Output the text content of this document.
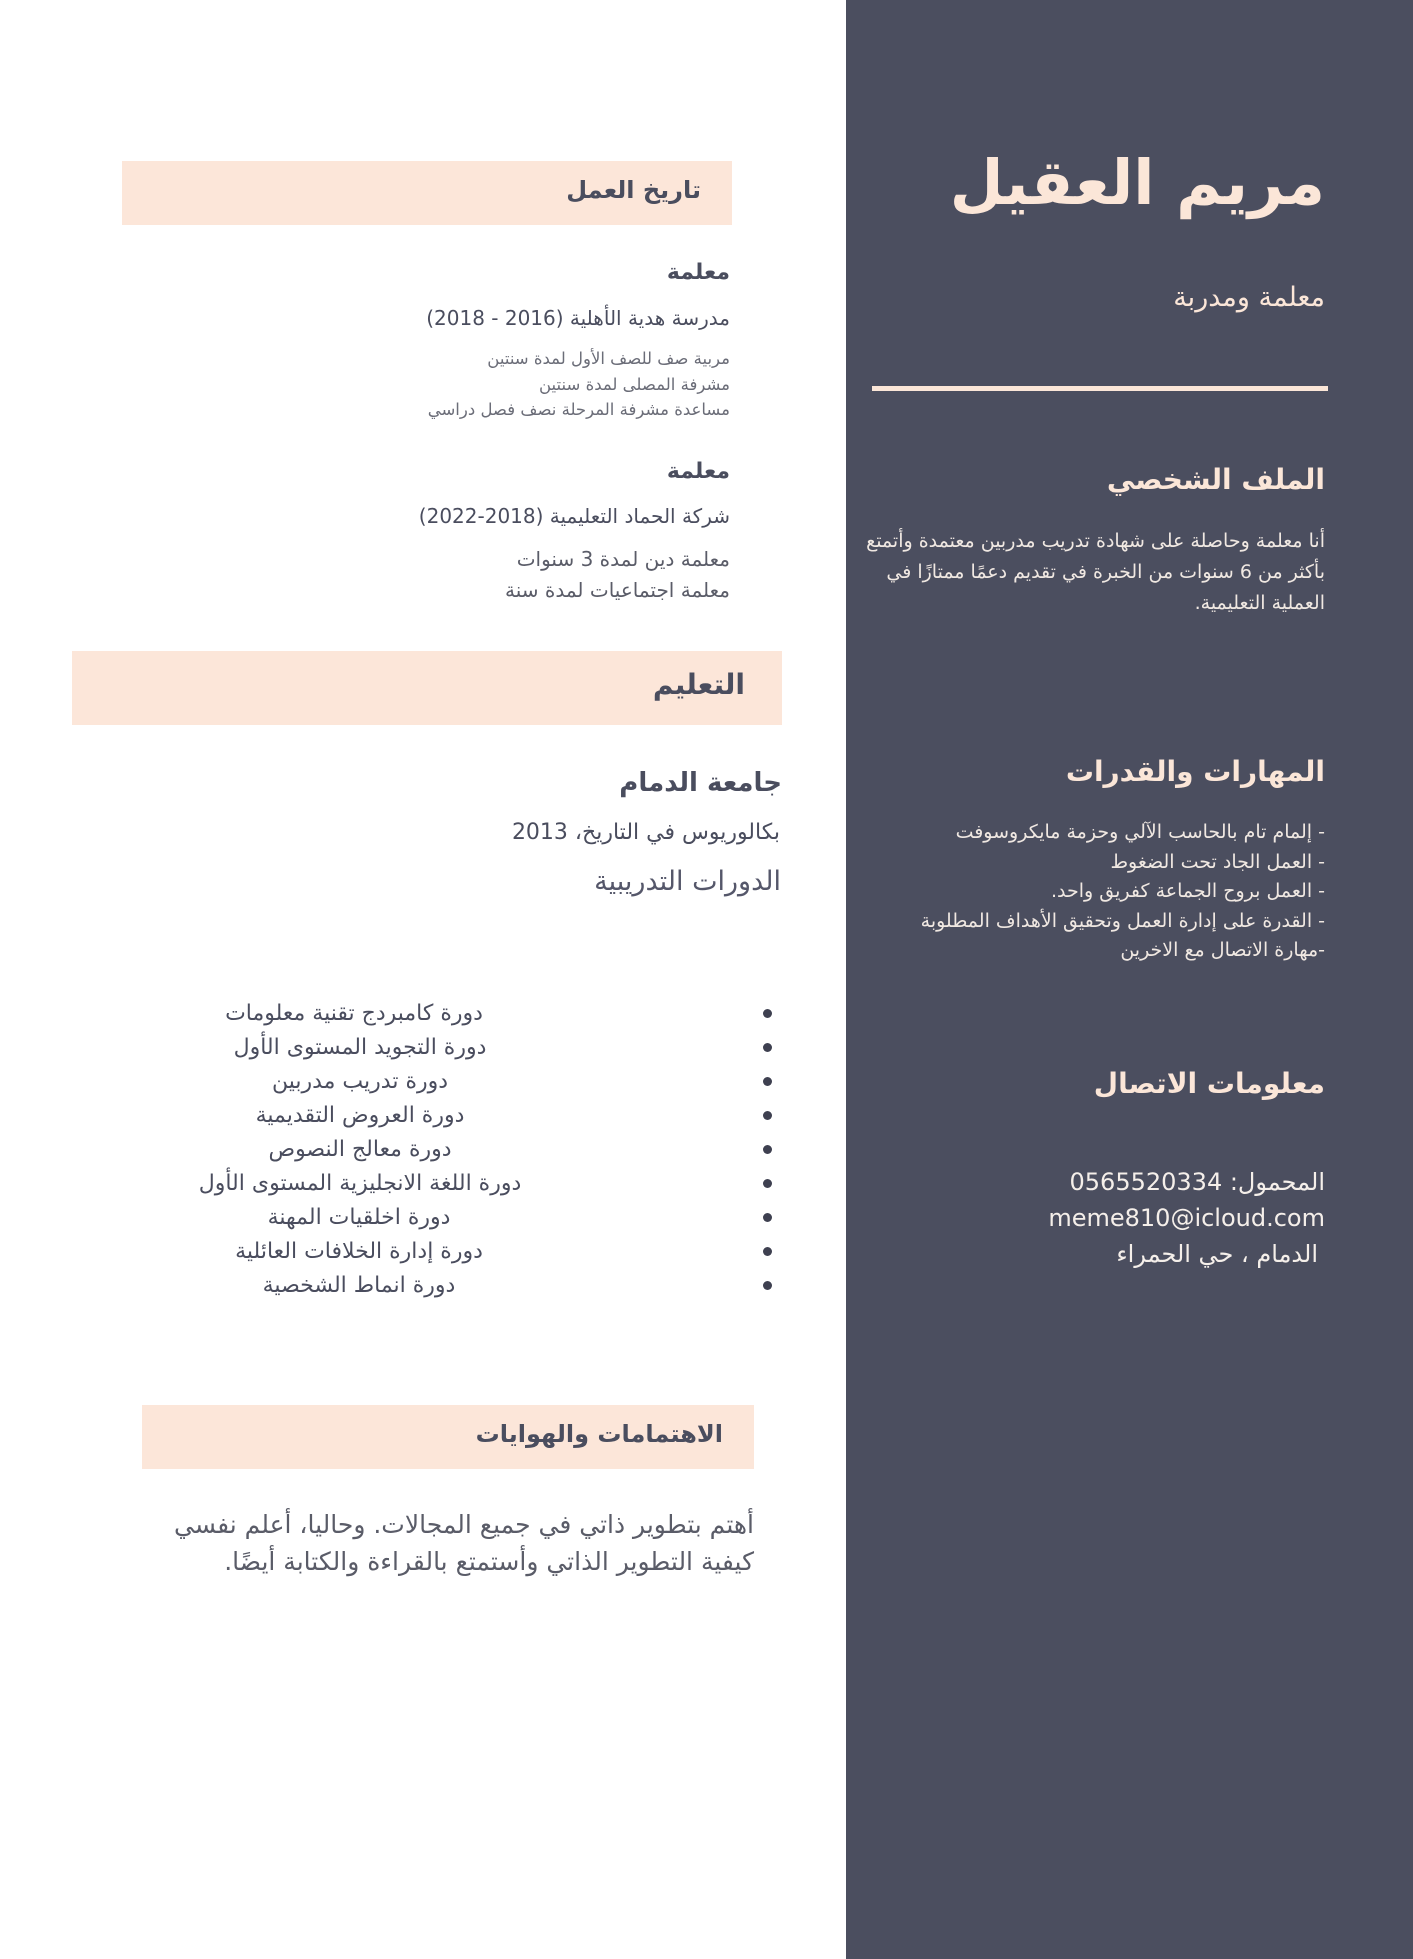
مريم العقيل
معلمة ومدربة
الملف الشخصي
أنا معلمة وحاصلة على شهادة تدريب مدربين معتمدة وأتمتع بأكثر من 6 سنوات من الخبرة في تقديم دعمًا ممتازًا في العملية التعليمية.
المهارات والقدرات
- إلمام تام بالحاسب الآلي وحزمة مايكروسوفت
- العمل الجاد تحت الضغوط
- العمل بروح الجماعة كفريق واحد.
- القدرة على إدارة العمل وتحقيق الأهداف المطلوبة
-مهارة الاتصال مع الاخرين
معلومات الاتصال
المحمول: 0565520334
meme810@icloud.com
الدمام ، حي الحمراء
تاريخ العمل
معلمة
مدرسة هدية الأهلية (2016 - 2018)
مربية صف للصف الأول لمدة سنتين
مشرفة المصلى لمدة سنتين
مساعدة مشرفة المرحلة نصف فصل دراسي
معلمة
شركة الحماد التعليمية (2018-2022)
معلمة دين لمدة 3 سنوات
معلمة اجتماعيات لمدة سنة
التعليم
جامعة الدمام
بكالوريوس في التاريخ، 2013
الدورات التدريبية
دورة كامبردج تقنية معلومات
دورة التجويد المستوى الأول
دورة تدريب مدربين
دورة العروض التقديمية
دورة معالج النصوص
دورة اللغة الانجليزية المستوى الأول
دورة اخلقيات المهنة
دورة إدارة الخلافات العائلية
دورة انماط الشخصية
الاهتمامات والهوايات
أهتم بتطوير ذاتي في جميع المجالات. وحاليا، أعلم نفسي كيفية التطوير الذاتي وأستمتع بالقراءة والكتابة أيضًا.
